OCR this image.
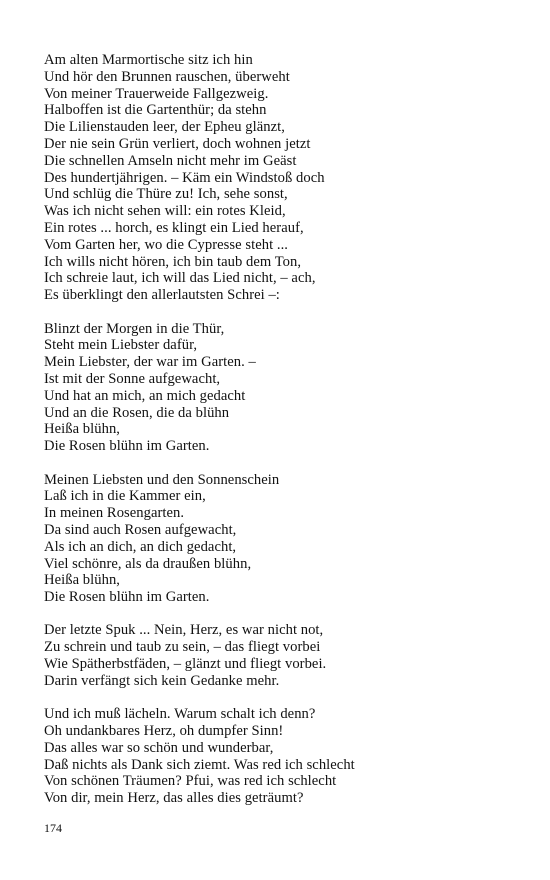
Am alten Marmortische sitz ich hin
Und hör den Brunnen rauschen, überweht
Von meiner Trauerweide Fallgezweig.
Halboffen ist die Gartenthür; da stehn
Die Lilienstauden leer, der Epheu glänzt,
Der nie sein Grün verliert, doch wohnen jetzt
Die schnellen Amseln nicht mehr im Geäst
Des hundertjährigen. – Käm ein Windstoß doch
Und schlüg die Thüre zu! Ich, sehe sonst,
Was ich nicht sehen will: ein rotes Kleid,
Ein rotes ... horch, es klingt ein Lied herauf,
Vom Garten her, wo die Cypresse steht ...
Ich wills nicht hören, ich bin taub dem Ton,
Ich schreie laut, ich will das Lied nicht, – ach,
Es überklingt den allerlautsten Schrei –:
Blinzt der Morgen in die Thür,
Steht mein Liebster dafür,
Mein Liebster, der war im Garten. –
Ist mit der Sonne aufgewacht,
Und hat an mich, an mich gedacht
Und an die Rosen, die da blühn
Heißa blühn,
Die Rosen blühn im Garten.
Meinen Liebsten und den Sonnenschein
Laß ich in die Kammer ein,
In meinen Rosengarten.
Da sind auch Rosen aufgewacht,
Als ich an dich, an dich gedacht,
Viel schönre, als da draußen blühn,
Heißa blühn,
Die Rosen blühn im Garten.
Der letzte Spuk ... Nein, Herz, es war nicht not,
Zu schrein und taub zu sein, – das fliegt vorbei
Wie Spätherbstfäden, – glänzt und fliegt vorbei.
Darin verfängt sich kein Gedanke mehr.
Und ich muß lächeln. Warum schalt ich denn?
Oh undankbares Herz, oh dumpfer Sinn!
Das alles war so schön und wunderbar,
Daß nichts als Dank sich ziemt. Was red ich schlecht
Von schönen Träumen? Pfui, was red ich schlecht
Von dir, mein Herz, das alles dies geträumt?
174
